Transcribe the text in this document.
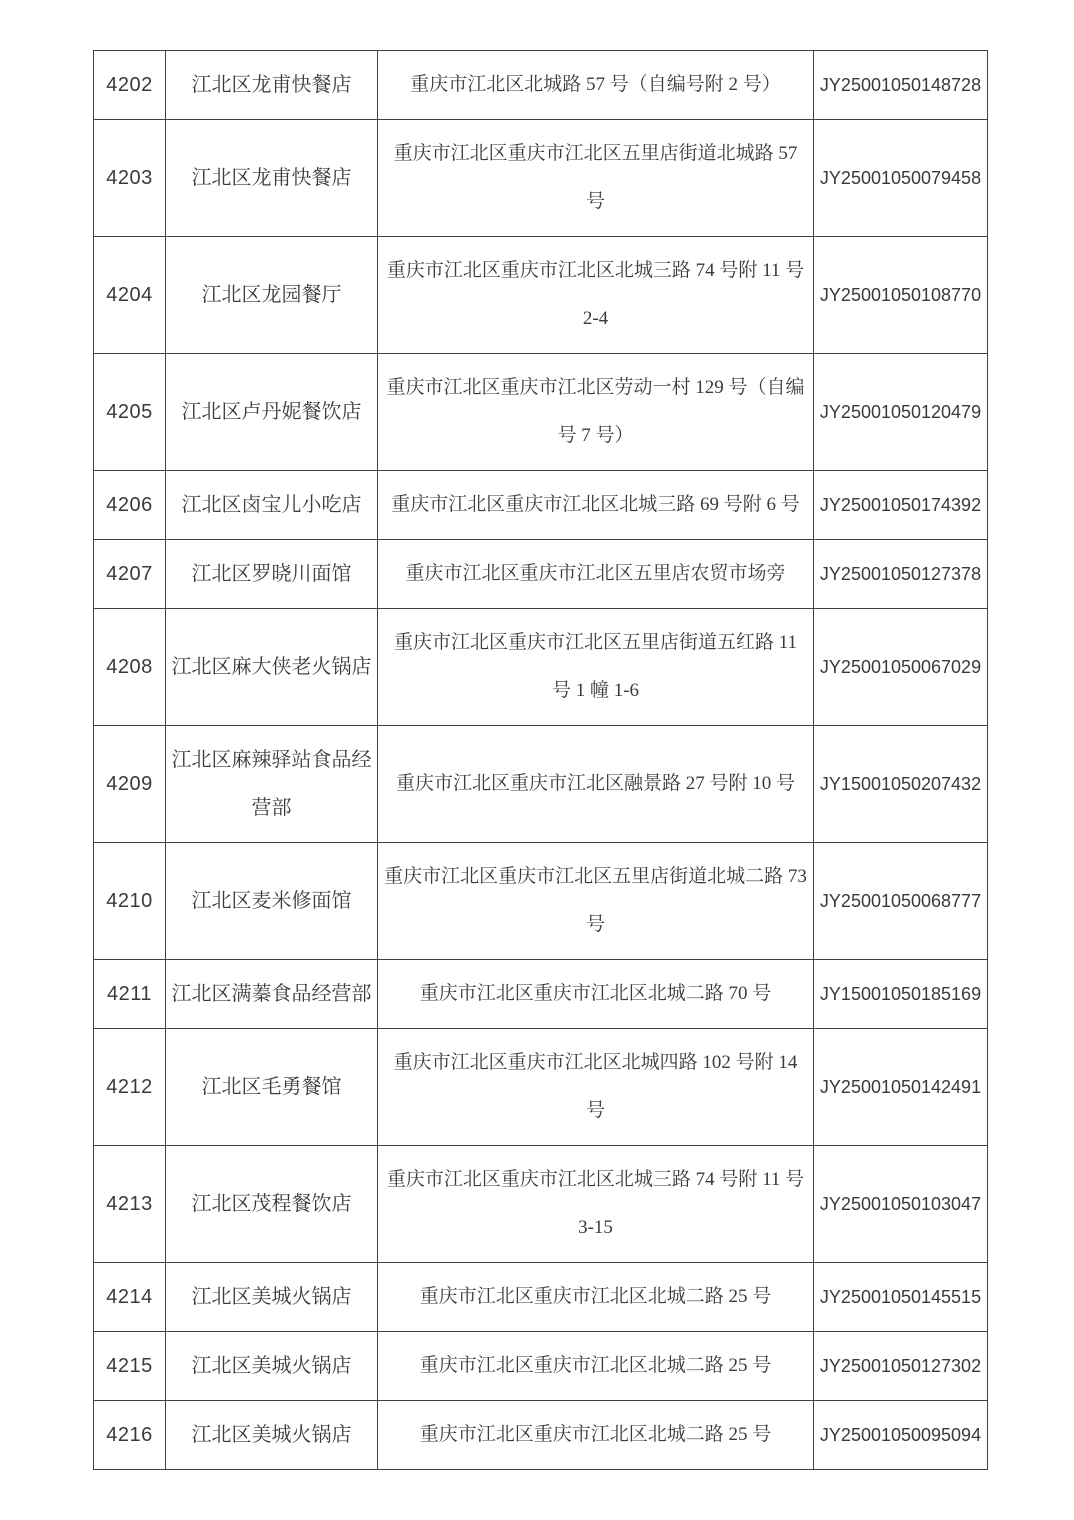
4202	江北区龙甫快餐店	重庆市江北区北城路 57 号（自编号附 2 号）	JY25001050148728
4203	江北区龙甫快餐店	重庆市江北区重庆市江北区五里店街道北城路 57 号	JY25001050079458
4204	江北区龙园餐厅	重庆市江北区重庆市江北区北城三路 74 号附 11 号 2-4	JY25001050108770
4205	江北区卢丹妮餐饮店	重庆市江北区重庆市江北区劳动一村 129 号（自编号 7 号）	JY25001050120479
4206	江北区卤宝儿小吃店	重庆市江北区重庆市江北区北城三路 69 号附 6 号	JY25001050174392
4207	江北区罗晓川面馆	重庆市江北区重庆市江北区五里店农贸市场旁	JY25001050127378
4208	江北区麻大侠老火锅店	重庆市江北区重庆市江北区五里店街道五红路 11 号 1 幢 1-6	JY25001050067029
4209	江北区麻辣驿站食品经营部	重庆市江北区重庆市江北区融景路 27 号附 10 号	JY15001050207432
4210	江北区麦米修面馆	重庆市江北区重庆市江北区五里店街道北城二路 73 号	JY25001050068777
4211	江北区满蓁食品经营部	重庆市江北区重庆市江北区北城二路 70 号	JY15001050185169
4212	江北区毛勇餐馆	重庆市江北区重庆市江北区北城四路 102 号附 14 号	JY25001050142491
4213	江北区茂程餐饮店	重庆市江北区重庆市江北区北城三路 74 号附 11 号 3-15	JY25001050103047
4214	江北区美城火锅店	重庆市江北区重庆市江北区北城二路 25 号	JY25001050145515
4215	江北区美城火锅店	重庆市江北区重庆市江北区北城二路 25 号	JY25001050127302
4216	江北区美城火锅店	重庆市江北区重庆市江北区北城二路 25 号	JY25001050095094
